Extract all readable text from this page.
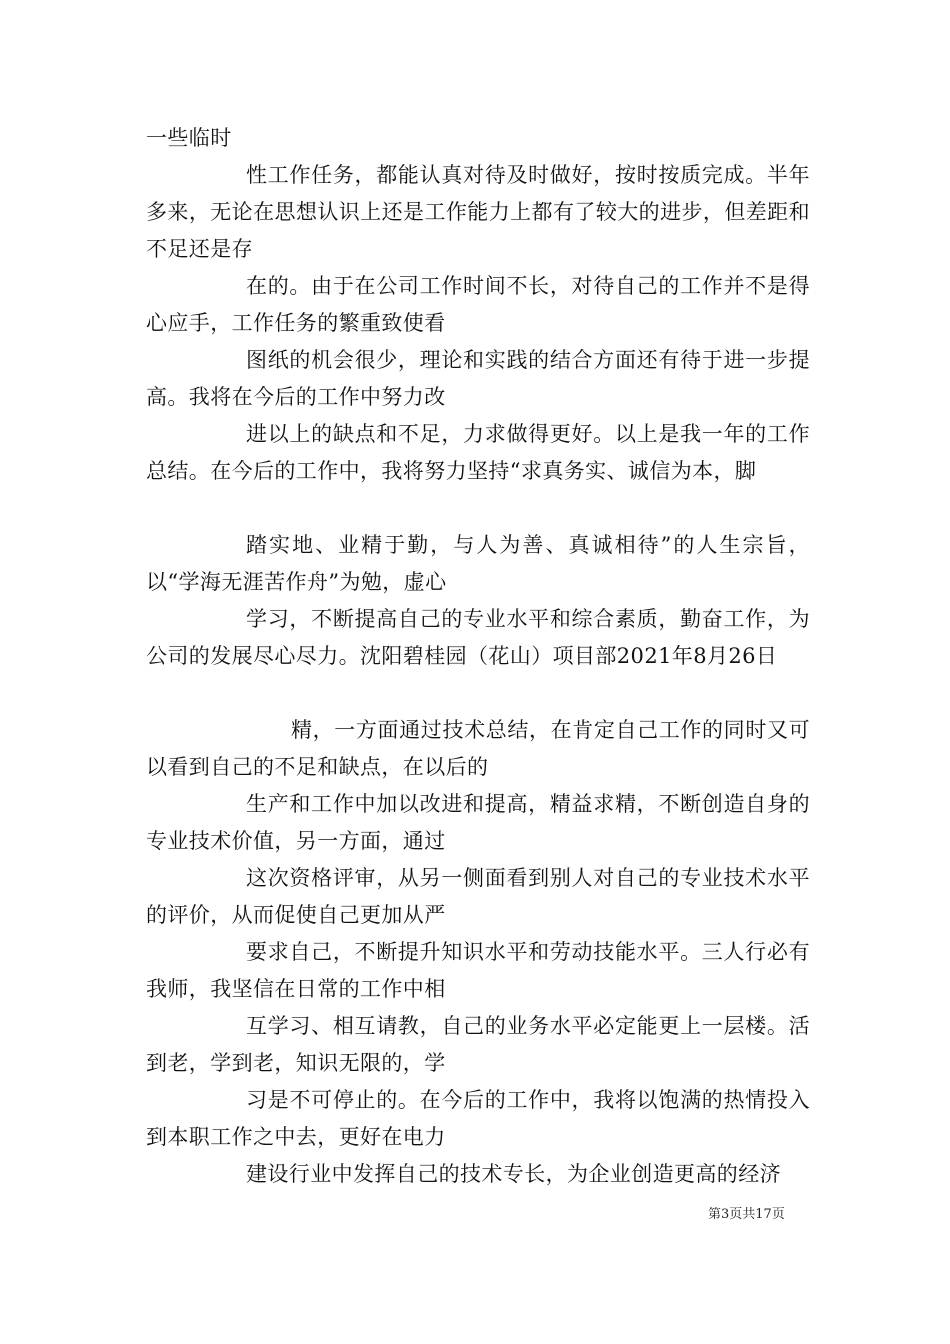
一些临时

性工作任务，都能认真对待及时做好，按时按质完成。半年多来，无论在思想认识上还是工作能力上都有了较大的进步，但差距和不足还是存

在的。由于在公司工作时间不长，对待自己的工作并不是得心应手，工作任务的繁重致使看

图纸的机会很少，理论和实践的结合方面还有待于进一步提高。我将在今后的工作中努力改

进以上的缺点和不足，力求做得更好。以上是我一年的工作总结。在今后的工作中，我将努力坚持“求真务实、诚信为本，脚

踏实地、业精于勤，与人为善、真诚相待”的人生宗旨，以“学海无涯苦作舟”为勉，虚心

学习，不断提高自己的专业水平和综合素质，勤奋工作，为公司的发展尽心尽力。沈阳碧桂园（花山）项目部2021年8月26日

精，一方面通过技术总结，在肯定自己工作的同时又可以看到自己的不足和缺点，在以后的

生产和工作中加以改进和提高，精益求精，不断创造自身的专业技术价值，另一方面，通过

这次资格评审，从另一侧面看到别人对自己的专业技术水平的评价，从而促使自己更加从严

要求自己，不断提升知识水平和劳动技能水平。三人行必有我师，我坚信在日常的工作中相

互学习、相互请教，自己的业务水平必定能更上一层楼。活到老，学到老，知识无限的，学

习是不可停止的。在今后的工作中，我将以饱满的热情投入到本职工作之中去，更好在电力

建设行业中发挥自己的技术专长，为企业创造更高的经济

第3页共17页
